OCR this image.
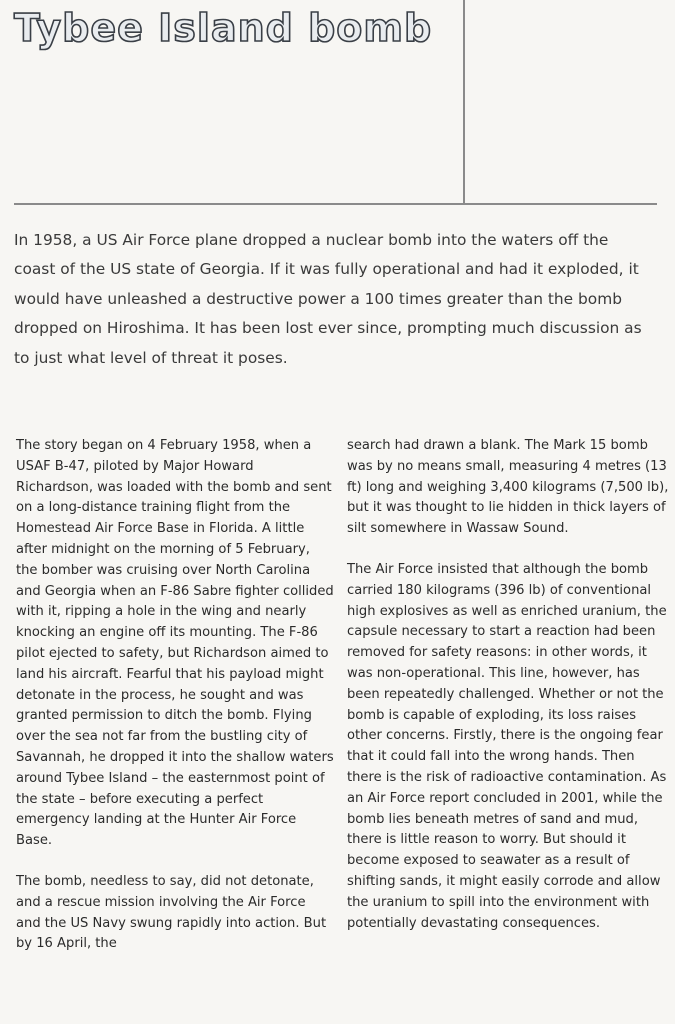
Tybee Island bomb

In 1958, a US Air Force plane dropped a nuclear bomb into the waters off the coast of the US state of Georgia. If it was fully operational and had it exploded, it would have unleashed a destructive power a 100 times greater than the bomb dropped on Hiroshima. It has been lost ever since, prompting much discussion as to just what level of threat it poses.

The story began on 4 February 1958, when a USAF B-47, piloted by Major Howard Richardson, was loaded with the bomb and sent on a long-distance training flight from the Homestead Air Force Base in Florida. A little after midnight on the morning of 5 February, the bomber was cruising over North Carolina and Georgia when an F-86 Sabre fighter collided with it, ripping a hole in the wing and nearly knocking an engine off its mounting. The F-86 pilot ejected to safety, but Richardson aimed to land his aircraft. Fearful that his payload might detonate in the process, he sought and was granted permission to ditch the bomb. Flying over the sea not far from the bustling city of Savannah, he dropped it into the shallow waters around Tybee Island – the easternmost point of the state – before executing a perfect emergency landing at the Hunter Air Force Base.

The bomb, needless to say, did not detonate, and a rescue mission involving the Air Force and the US Navy swung rapidly into action. But by 16 April, the

search had drawn a blank. The Mark 15 bomb was by no means small, measuring 4 metres (13 ft) long and weighing 3,400 kilograms (7,500 lb), but it was thought to lie hidden in thick layers of silt somewhere in Wassaw Sound.

The Air Force insisted that although the bomb carried 180 kilograms (396 lb) of conventional high explosives as well as enriched uranium, the capsule necessary to start a reaction had been removed for safety reasons: in other words, it was non-operational. This line, however, has been repeatedly challenged. Whether or not the bomb is capable of exploding, its loss raises other concerns. Firstly, there is the ongoing fear that it could fall into the wrong hands. Then there is the risk of radioactive contamination. As an Air Force report concluded in 2001, while the bomb lies beneath metres of sand and mud, there is little reason to worry. But should it become exposed to seawater as a result of shifting sands, it might easily corrode and allow the uranium to spill into the environment with potentially devastating consequences.
